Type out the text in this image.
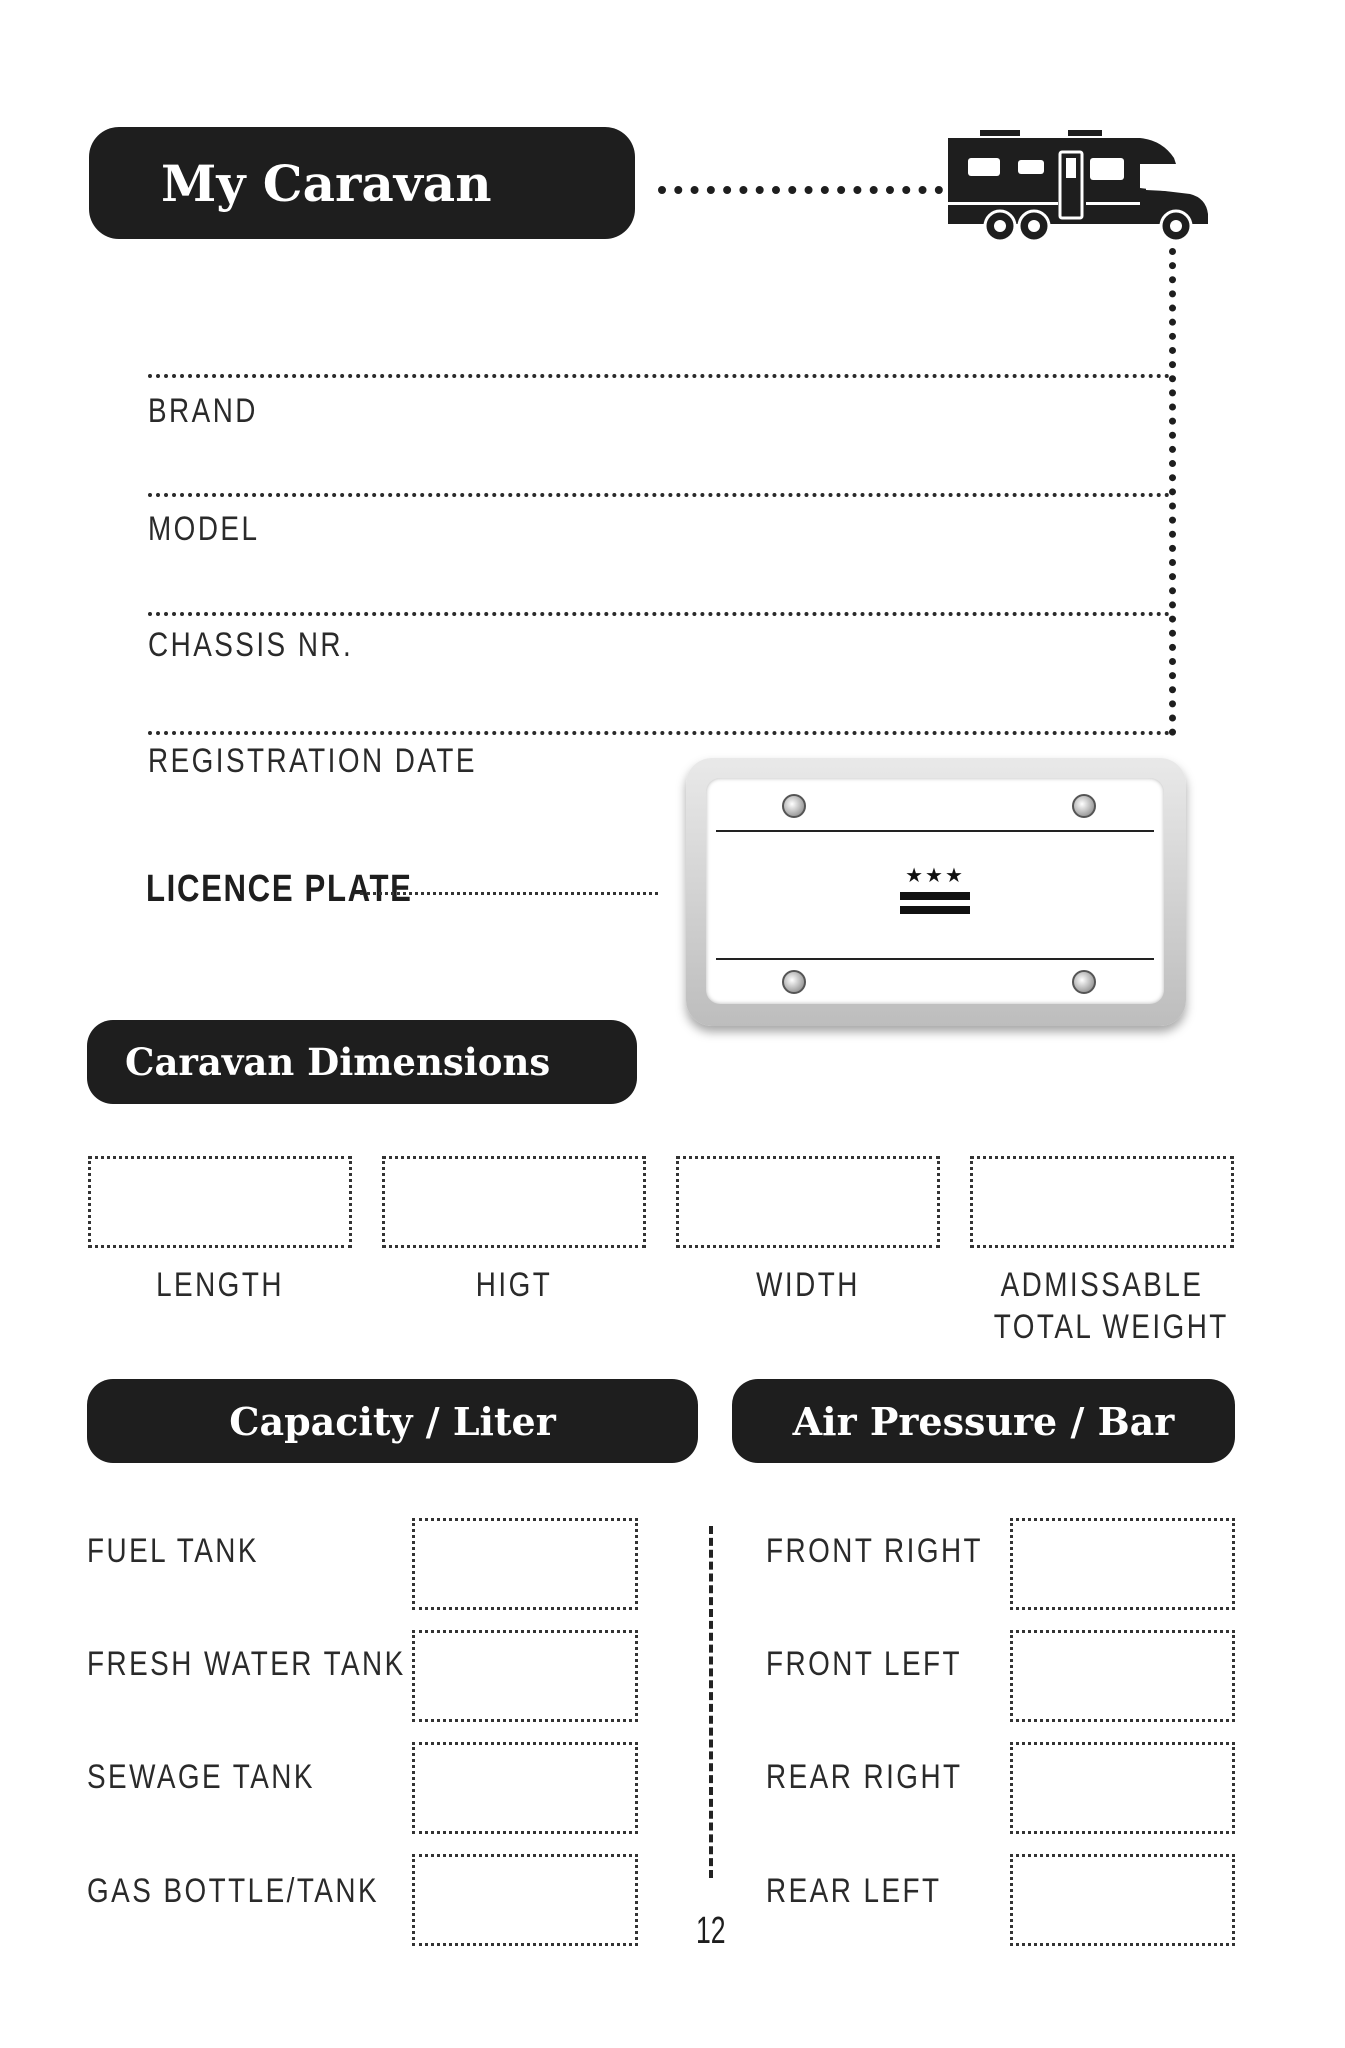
My Caravan
BRAND
MODEL
CHASSIS NR.
REGISTRATION DATE
LICENCE PLATE	★★★
Caravan Dimensions
LENGTH	HIGT	WIDTH	ADMISSABLE
TOTAL WEIGHT
Capacity / Liter	Air Pressure / Bar
FUEL TANK
FRESH WATER TANK
SEWAGE TANK
GAS BOTTLE/TANK
FRONT RIGHT
FRONT LEFT
REAR RIGHT
REAR LEFT
12
